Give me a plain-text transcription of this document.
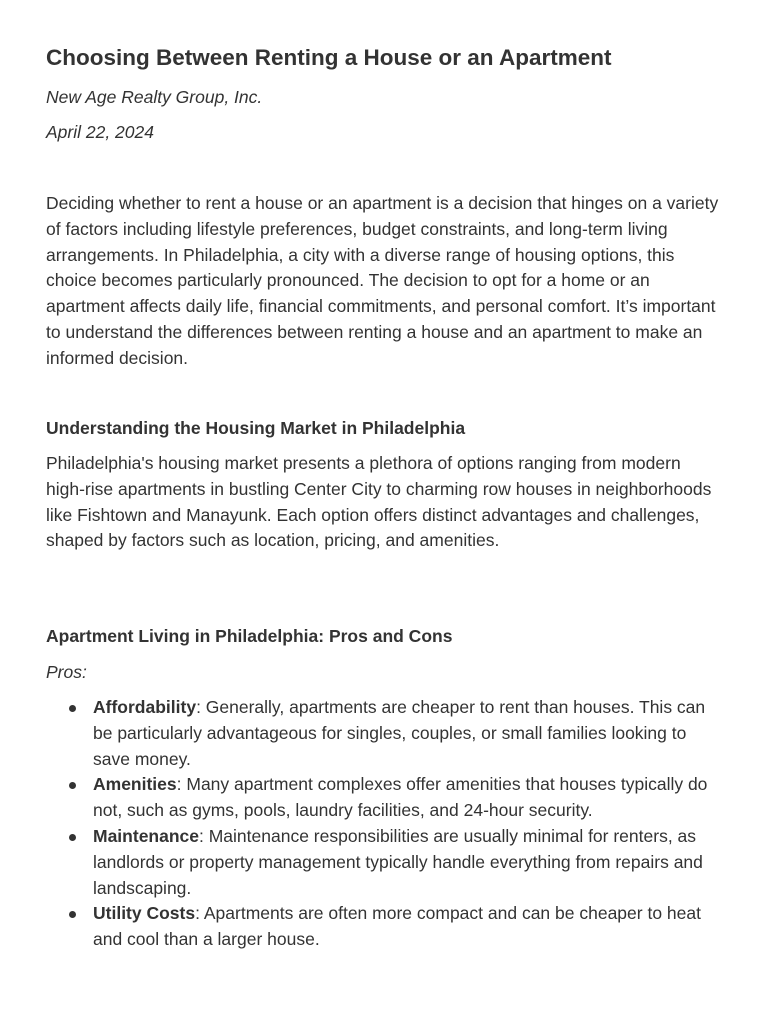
Choosing Between Renting a House or an Apartment
New Age Realty Group, Inc.
April 22, 2024

Deciding whether to rent a house or an apartment is a decision that hinges on a variety of factors including lifestyle preferences, budget constraints, and long-term living arrangements. In Philadelphia, a city with a diverse range of housing options, this choice becomes particularly pronounced. The decision to opt for a home or an apartment affects daily life, financial commitments, and personal comfort. It’s important to understand the differences between renting a house and an apartment to make an informed decision.

Understanding the Housing Market in Philadelphia

Philadelphia's housing market presents a plethora of options ranging from modern high-rise apartments in bustling Center City to charming row houses in neighborhoods like Fishtown and Manayunk. Each option offers distinct advantages and challenges, shaped by factors such as location, pricing, and amenities.

Apartment Living in Philadelphia: Pros and Cons
Pros:
Affordability: Generally, apartments are cheaper to rent than houses. This can be particularly advantageous for singles, couples, or small families looking to save money.
Amenities: Many apartment complexes offer amenities that houses typically do not, such as gyms, pools, laundry facilities, and 24-hour security.
Maintenance: Maintenance responsibilities are usually minimal for renters, as landlords or property management typically handle everything from repairs and landscaping.
Utility Costs: Apartments are often more compact and can be cheaper to heat and cool than a larger house.
